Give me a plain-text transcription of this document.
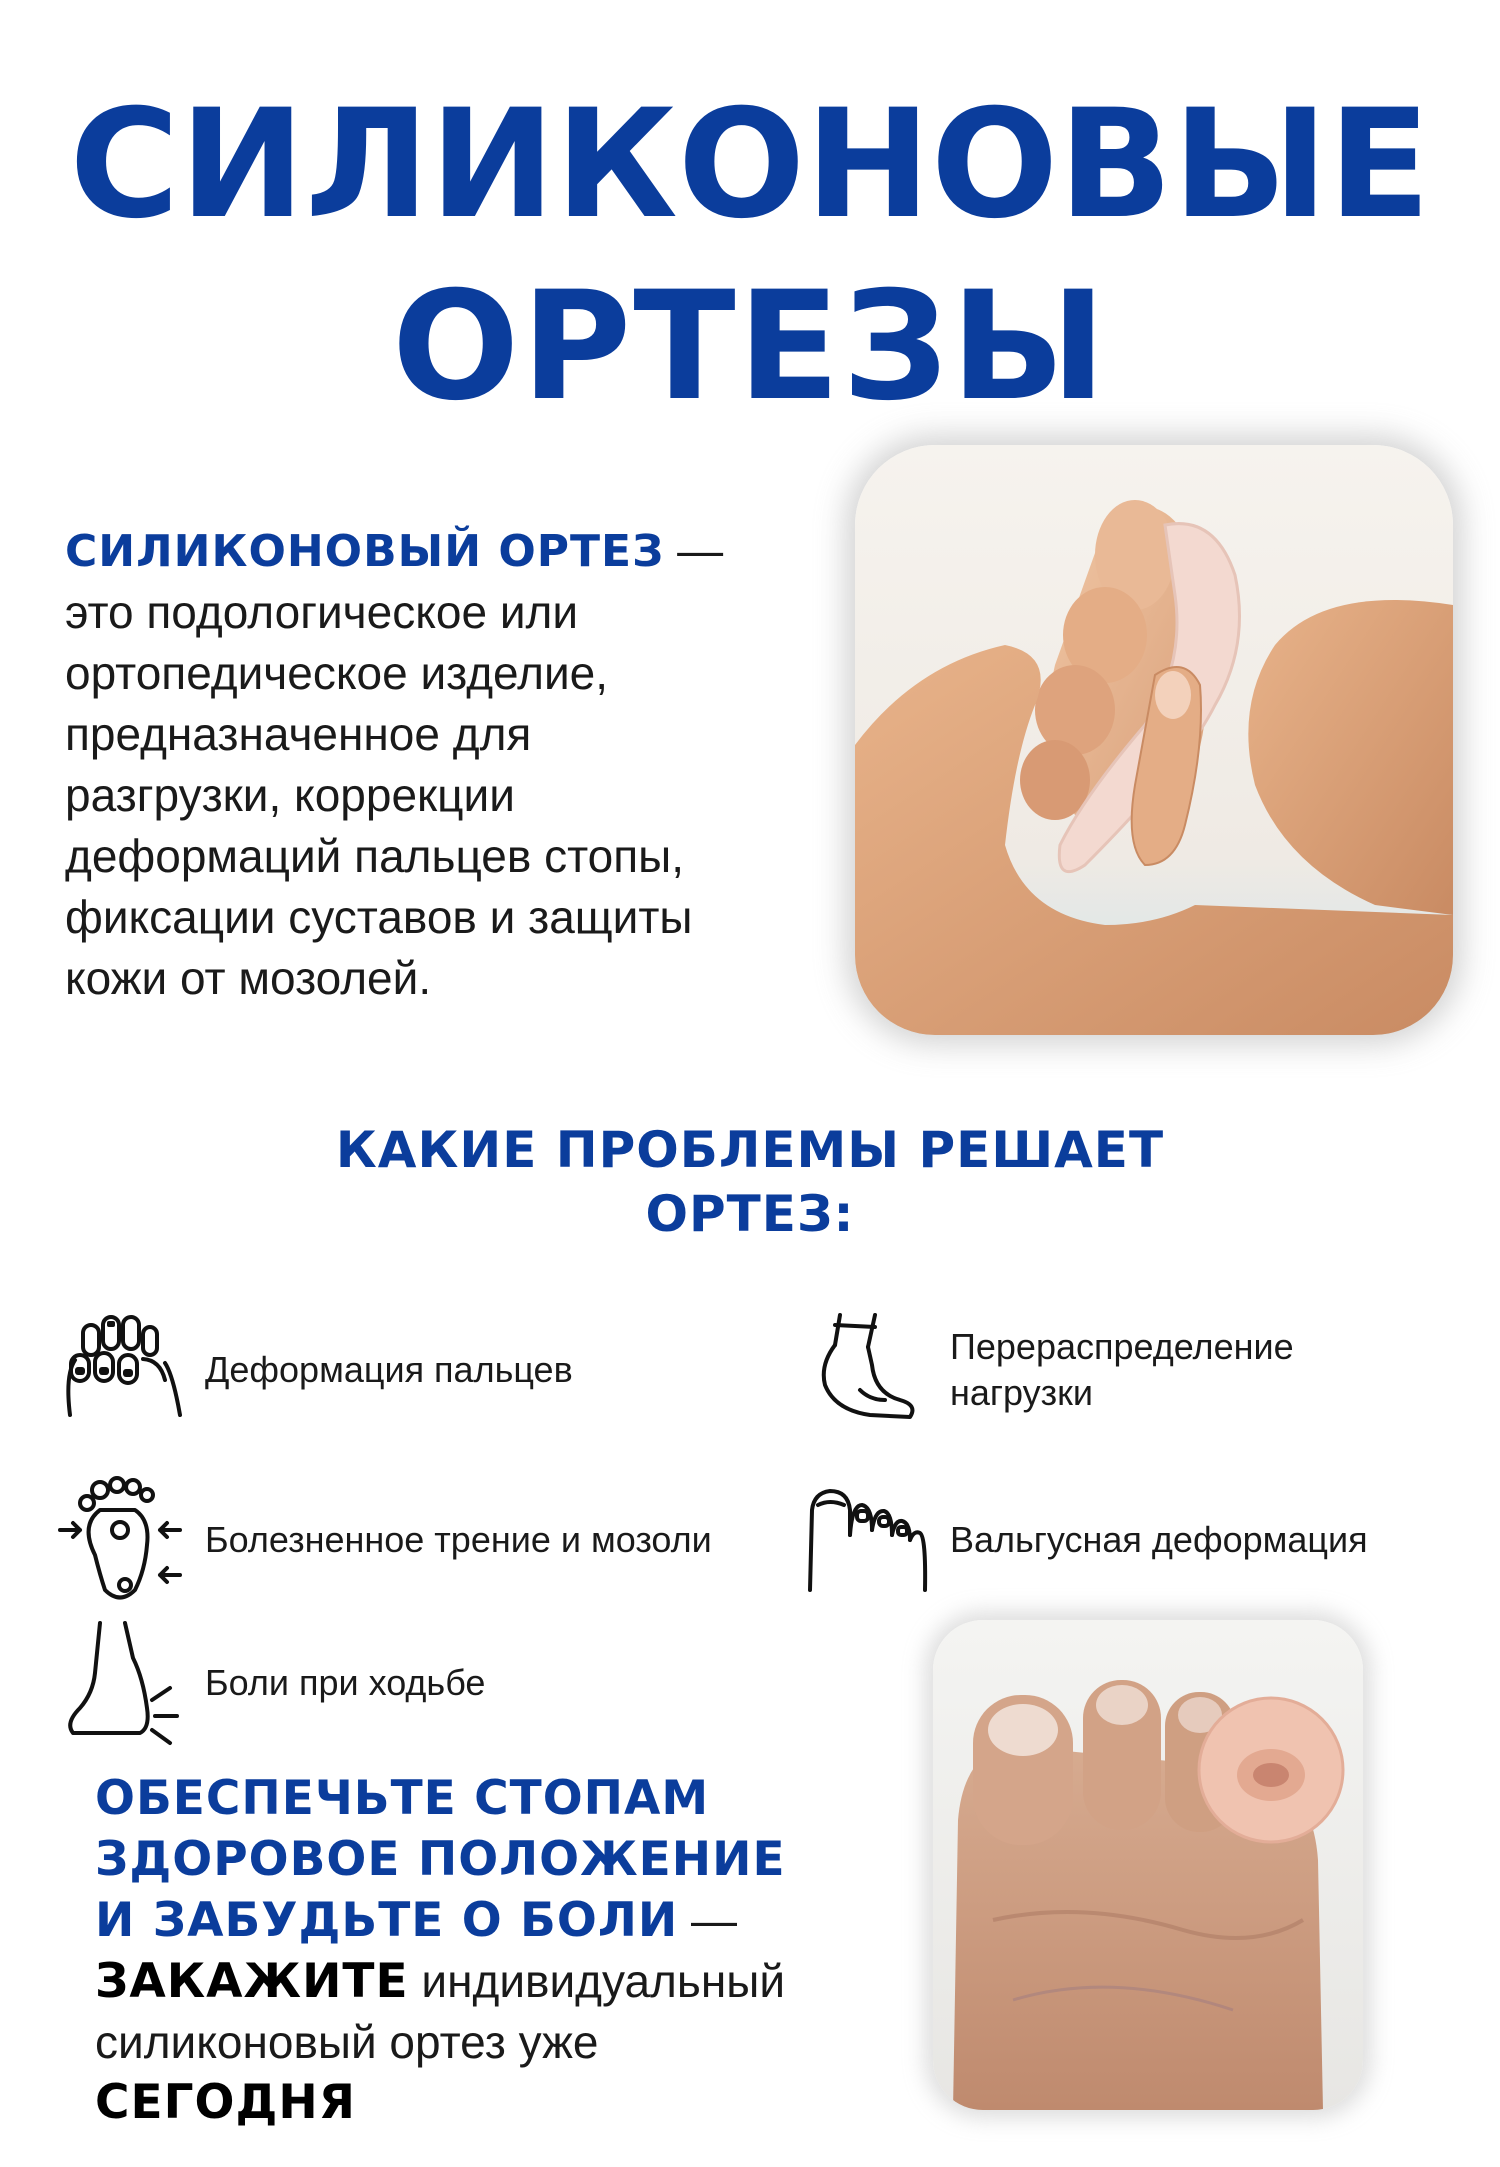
СИЛИКОНОВЫЕ
ОРТЕЗЫ
СИЛИКОНОВЫЙ ОРТЕЗ —
это подологическое или
ортопедическое изделие,
предназначенное для
разгрузки, коррекции
деформаций пальцев стопы,
фиксации суставов и защиты
кожи от мозолей.
КАКИЕ ПРОБЛЕМЫ РЕШАЕТ
ОРТЕЗ:
Деформация пальцев
Перераспределение
нагрузки
Болезненное трение и мозоли	Вальгусная деформация
Боли при ходьбе
ОБЕСПЕЧЬТЕ СТОПАМ
ЗДОРОВОЕ ПОЛОЖЕНИЕ
И ЗАБУДЬТЕ О БОЛИ —
ЗАКАЖИТЕ индивидуальный
силиконовый ортез уже
СЕГОДНЯ
